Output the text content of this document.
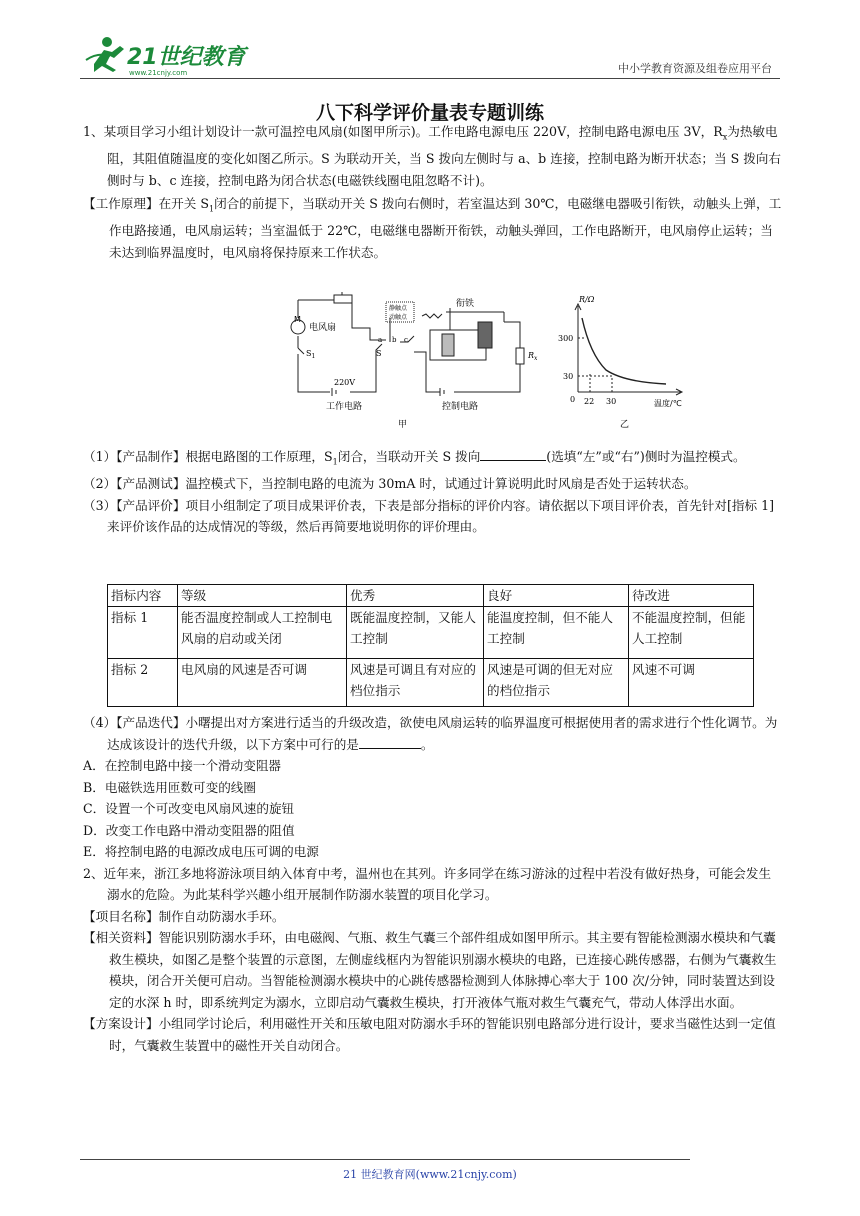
21世纪教育
www.21cnjy.com	中小学教育资源及组卷应用平台
八下科学评价量表专题训练

1、某项目学习小组计划设计一款可温控电风扇(如图甲所示)。工作电路电源电压 220V，控制电路电源电压 3V，$R_x$为热敏电阻，其阻值随温度的变化如图乙所示。S 为联动开关，当 S 拨向左侧时与 a、b 连接，控制电路为断开状态；当 S 拨向右侧时与 b、c 连接，控制电路为闭合状态(电磁铁线圈电阻忽略不计)。

【工作原理】在开关 $S_1$闭合的前提下，当联动开关 S 拨向右侧时，若室温达到 30℃，电磁继电器吸引衔铁，动触头上弹，工作电路接通，电风扇运转；当室温低于 22℃，电磁继电器断开衔铁，动触头弹回，工作电路断开，电风扇停止运转；当未达到临界温度时，电风扇将保持原来工作状态。

电风扇
M
$S_1$
220V
工作电路	控制电路
静触点
动触点
衔铁
$R_x$
a b c
S
甲
R/Ω
温度/℃
300
30
0 22 30
乙

（1）【产品制作】根据电路图的工作原理，$S_1$闭合，当联动开关 S 拨向	(选填“左”或“右”)侧时为温控模式。

（2）【产品测试】温控模式下，当控制电路的电流为 30mA 时，试通过计算说明此时风扇是否处于运转状态。

（3）【产品评价】项目小组制定了项目成果评价表，下表是部分指标的评价内容。请依据以下项目评价表，首先针对[指标 1]来评价该作品的达成情况的等级，然后再简要地说明你的评价理由。

指标内容	等级	优秀	良好	待改进
指标 1	能否温度控制或人工控制电风扇的启动或关闭	既能温度控制，又能人工控制	能温度控制，但不能人工控制	不能温度控制，但能人工控制
指标 2	电风扇的风速是否可调	风速是可调且有对应的档位指示	风速是可调的但无对应的档位指示	风速不可调

（4）【产品迭代】小曙提出对方案进行适当的升级改造，欲使电风扇运转的临界温度可根据使用者的需求进行个性化调节。为达成该设计的迭代升级，以下方案中可行的是	。

A．在控制电路中接一个滑动变阻器

B．电磁铁选用匝数可变的线圈

C．设置一个可改变电风扇风速的旋钮

D．改变工作电路中滑动变阻器的阻值

E．将控制电路的电源改成电压可调的电源

2、近年来，浙江多地将游泳项目纳入体育中考，温州也在其列。许多同学在练习游泳的过程中若没有做好热身，可能会发生溺水的危险。为此某科学兴趣小组开展制作防溺水装置的项目化学习。

【项目名称】制作自动防溺水手环。

【相关资料】智能识别防溺水手环，由电磁阀、气瓶、救生气囊三个部件组成如图甲所示。其主要有智能检测溺水模块和气囊救生模块，如图乙是整个装置的示意图，左侧虚线框内为智能识别溺水模块的电路，已连接心跳传感器，右侧为气囊救生模块，闭合开关便可启动。当智能检测溺水模块中的心跳传感器检测到人体脉搏心率大于 100 次/分钟，同时装置达到设定的水深 h 时，即系统判定为溺水，立即启动气囊救生模块，打开液体气瓶对救生气囊充气，带动人体浮出水面。

【方案设计】小组同学讨论后，利用磁性开关和压敏电阻对防溺水手环的智能识别电路部分进行设计，要求当磁性达到一定值时，气囊救生装置中的磁性开关自动闭合。

21 世纪教育网(www.21cnjy.com)
